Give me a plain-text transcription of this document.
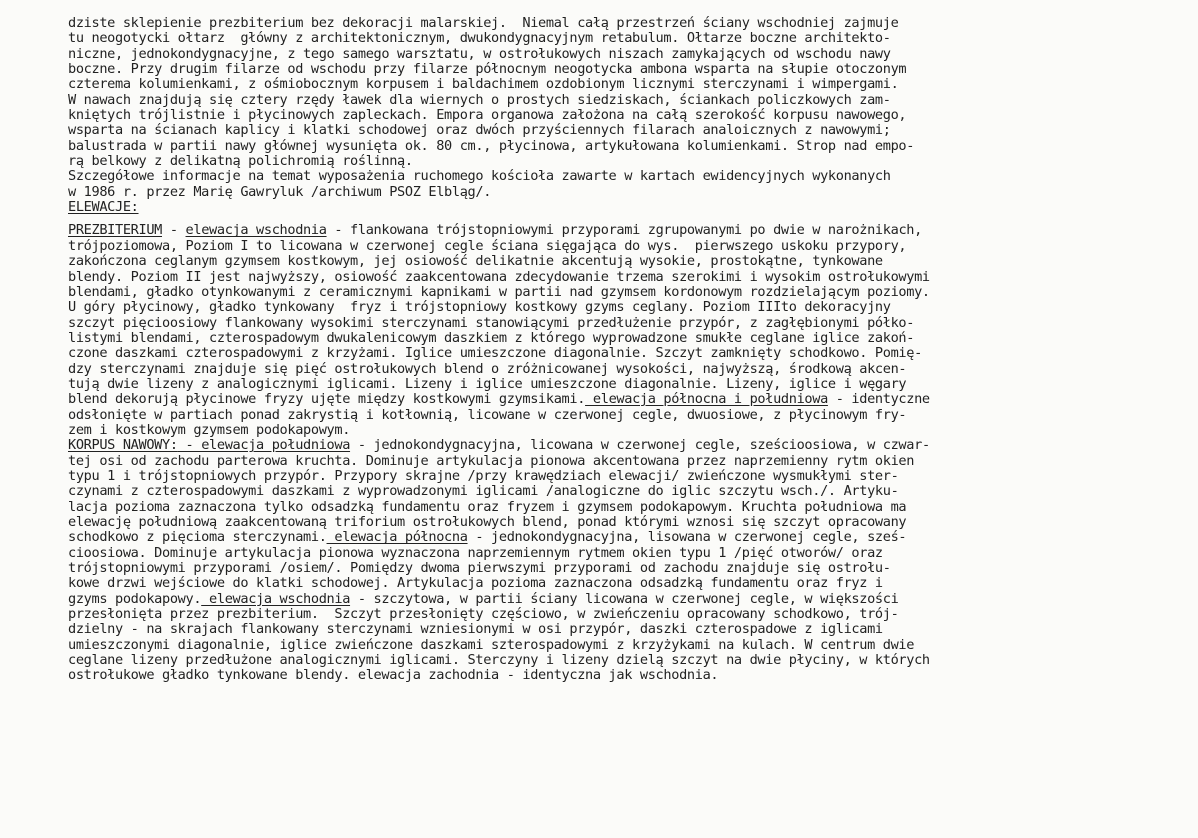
dziste sklepienie prezbiterium bez dekoracji malarskiej.  Niemal całą przestrzeń ściany wschodniej zajmuje
tu neogotycki ołtarz  główny z architektonicznym, dwukondygnacyjnym retabulum. Ołtarze boczne architekto-
niczne, jednokondygnacyjne, z tego samego warsztatu, w ostrołukowych niszach zamykających od wschodu nawy
boczne. Przy drugim filarze od wschodu przy filarze północnym neogotycka ambona wsparta na słupie otoczonym
czterema kolumienkami, z ośmiobocznym korpusem i baldachimem ozdobionym licznymi sterczynami i wimpergami.
W nawach znajdują się cztery rzędy ławek dla wiernych o prostych siedziskach, ściankach policzkowych zam-
kniętych trójlistnie i płycinowych zapleckach. Empora organowa założona na całą szerokość korpusu nawowego,
wsparta na ścianach kaplicy i klatki schodowej oraz dwóch przyściennych filarach analoicznych z nawowymi;
balustrada w partii nawy głównej wysunięta ok. 80 cm., płycinowa, artykułowana kolumienkami. Strop nad empo-
rą belkowy z delikatną polichromią roślinną.
Szczegółowe informacje na temat wyposażenia ruchomego kościoła zawarte w kartach ewidencyjnych wykonanych
w 1986 r. przez Marię Gawryluk /archiwum PSOZ Elbląg/.
ELEWACJE:
PREZBITERIUM - elewacja wschodnia - flankowana trójstopniowymi przyporami zgrupowanymi po dwie w narożnikach,
trójpoziomowa, Poziom I to licowana w czerwonej cegle ściana sięgająca do wys.  pierwszego uskoku przypory,
zakończona ceglanym gzymsem kostkowym, jej osiowość delikatnie akcentują wysokie, prostokątne, tynkowane
blendy. Poziom II jest najwyższy, osiowość zaakcentowana zdecydowanie trzema szerokimi i wysokim ostrołukowymi
blendami, gładko otynkowanymi z ceramicznymi kapnikami w partii nad gzymsem kordonowym rozdzielającym poziomy.
U góry płycinowy, gładko tynkowany  fryz i trójstopniowy kostkowy gzyms ceglany. Poziom IIIto dekoracyjny
szczyt pięcioosiowy flankowany wysokimi sterczynami stanowiącymi przedłużenie przypór, z zagłębionymi półko-
listymi blendami, czterospadowym dwukalenicowym daszkiem z którego wyprowadzone smukłe ceglane iglice zakoń-
czone daszkami czterospadowymi z krzyżami. Iglice umieszczone diagonalnie. Szczyt zamknięty schodkowo. Pomię-
dzy sterczynami znajduje się pięć ostrołukowych blend o zróżnicowanej wysokości, najwyższą, środkową akcen-
tują dwie lizeny z analogicznymi iglicami. Lizeny i iglice umieszczone diagonalnie. Lizeny, iglice i węgary
blend dekorują płycinowe fryzy ujęte między kostkowymi gzymsikami. elewacja północna i południowa - identyczne
odsłonięte w partiach ponad zakrystią i kotłownią, licowane w czerwonej cegle, dwuosiowe, z płycinowym fry-
zem i kostkowym gzymsem podokapowym.
KORPUS NAWOWY: - elewacja południowa - jednokondygnacyjna, licowana w czerwonej cegle, sześcioosiowa, w czwar-
tej osi od zachodu parterowa kruchta. Dominuje artykulacja pionowa akcentowana przez naprzemienny rytm okien
typu 1 i trójstopniowych przypór. Przypory skrajne /przy krawędziach elewacji/ zwieńczone wysmukłymi ster-
czynami z czterospadowymi daszkami z wyprowadzonymi iglicami /analogiczne do iglic szczytu wsch./. Artyku-
lacja pozioma zaznaczona tylko odsadzką fundamentu oraz fryzem i gzymsem podokapowym. Kruchta południowa ma
elewację południową zaakcentowaną triforium ostrołukowych blend, ponad którymi wznosi się szczyt opracowany
schodkowo z pięcioma sterczynami. elewacja północna - jednokondygnacyjna, lisowana w czerwonej cegle, sześ-
cioosiowa. Dominuje artykulacja pionowa wyznaczona naprzemiennym rytmem okien typu 1 /pięć otworów/ oraz
trójstopniowymi przyporami /osiem/. Pomiędzy dwoma pierwszymi przyporami od zachodu znajduje się ostrołu-
kowe drzwi wejściowe do klatki schodowej. Artykulacja pozioma zaznaczona odsadzką fundamentu oraz fryz i
gzyms podokapowy. elewacja wschodnia - szczytowa, w partii ściany licowana w czerwonej cegle, w większości
przesłonięta przez prezbiterium.  Szczyt przesłonięty częściowo, w zwieńczeniu opracowany schodkowo, trój-
dzielny - na skrajach flankowany sterczynami wzniesionymi w osi przypór, daszki czterospadowe z iglicami
umieszczonymi diagonalnie, iglice zwieńczone daszkami szterospadowymi z krzyżykami na kulach. W centrum dwie
ceglane lizeny przedłużone analogicznymi iglicami. Sterczyny i lizeny dzielą szczyt na dwie płyciny, w których
ostrołukowe gładko tynkowane blendy. elewacja zachodnia - identyczna jak wschodnia.
